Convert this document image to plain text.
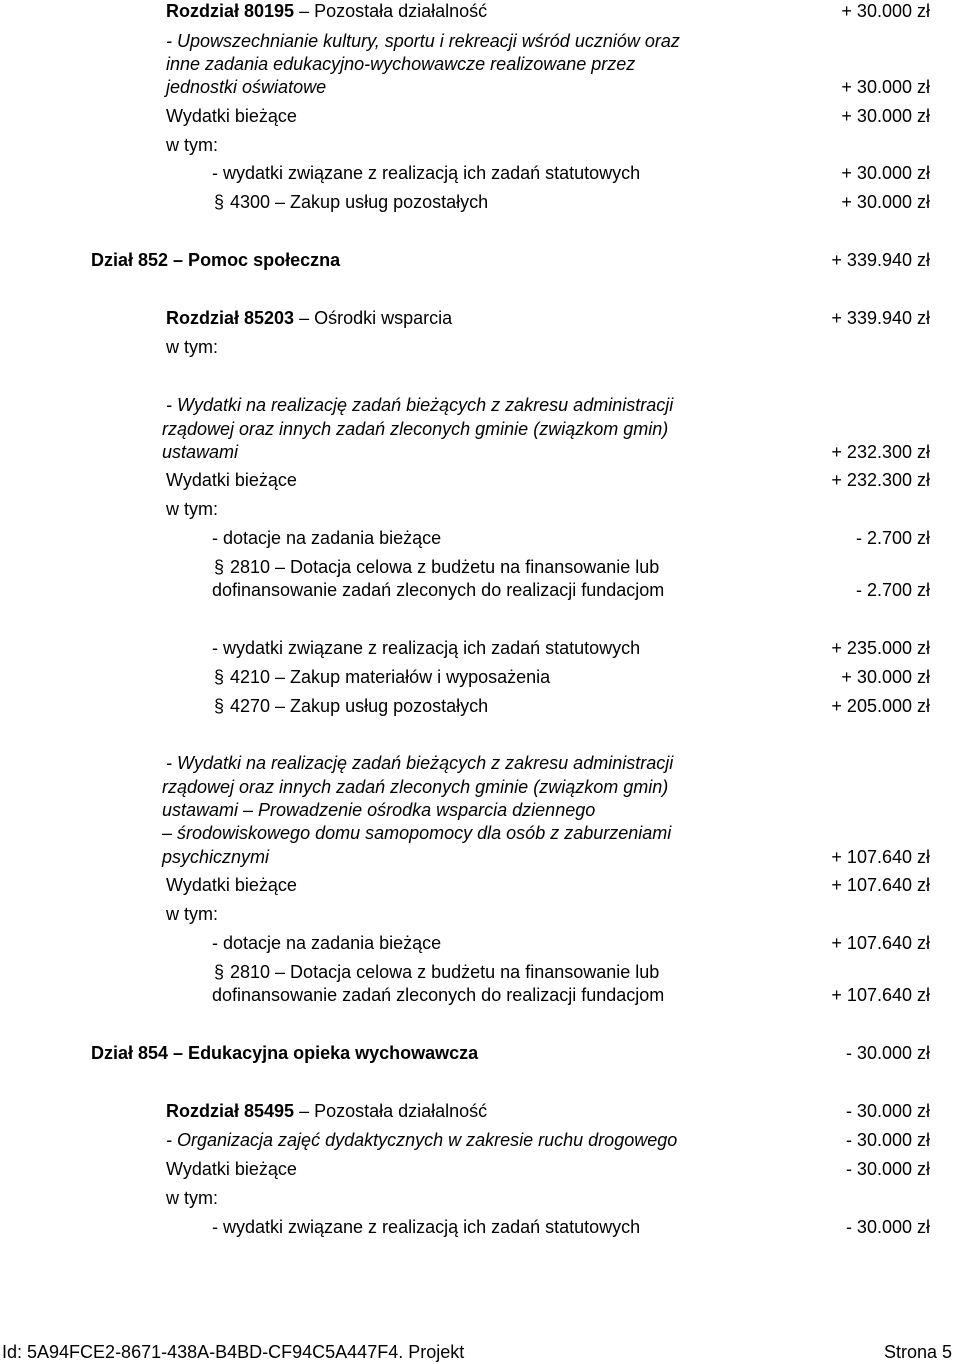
Rozdział 80195 – Pozostała działalność	+ 30.000 zł
- Upowszechnianie kultury, sportu i rekreacji wśród uczniów oraz
inne zadania edukacyjno-wychowawcze realizowane przez
jednostki oświatowe	+ 30.000 zł
Wydatki bieżące	+ 30.000 zł
w tym:
- wydatki związane z realizacją ich zadań statutowych	+ 30.000 zł
§ 4300 – Zakup usług pozostałych	+ 30.000 zł
Dział 852 – Pomoc społeczna	+ 339.940 zł
Rozdział 85203 – Ośrodki wsparcia	+ 339.940 zł
w tym:
- Wydatki na realizację zadań bieżących z zakresu administracji
rządowej oraz innych zadań zleconych gminie (związkom gmin)
ustawami	+ 232.300 zł
Wydatki bieżące	+ 232.300 zł
w tym:
- dotacje na zadania bieżące	- 2.700 zł
§ 2810 – Dotacja celowa z budżetu na finansowanie lub
dofinansowanie zadań zleconych do realizacji fundacjom	- 2.700 zł
- wydatki związane z realizacją ich zadań statutowych	+ 235.000 zł
§ 4210 – Zakup materiałów i wyposażenia	+ 30.000 zł
§ 4270 – Zakup usług pozostałych	+ 205.000 zł
- Wydatki na realizację zadań bieżących z zakresu administracji
rządowej oraz innych zadań zleconych gminie (związkom gmin)
ustawami – Prowadzenie ośrodka wsparcia dziennego
– środowiskowego domu samopomocy dla osób z zaburzeniami
psychicznymi	+ 107.640 zł
Wydatki bieżące	+ 107.640 zł
w tym:
- dotacje na zadania bieżące	+ 107.640 zł
§ 2810 – Dotacja celowa z budżetu na finansowanie lub
dofinansowanie zadań zleconych do realizacji fundacjom	+ 107.640 zł
Dział 854 – Edukacyjna opieka wychowawcza	- 30.000 zł
Rozdział 85495 – Pozostała działalność	- 30.000 zł
- Organizacja zajęć dydaktycznych w zakresie ruchu drogowego	- 30.000 zł
Wydatki bieżące	- 30.000 zł
w tym:
- wydatki związane z realizacją ich zadań statutowych	- 30.000 zł
Id: 5A94FCE2-8671-438A-B4BD-CF94C5A447F4. Projekt	Strona 5
